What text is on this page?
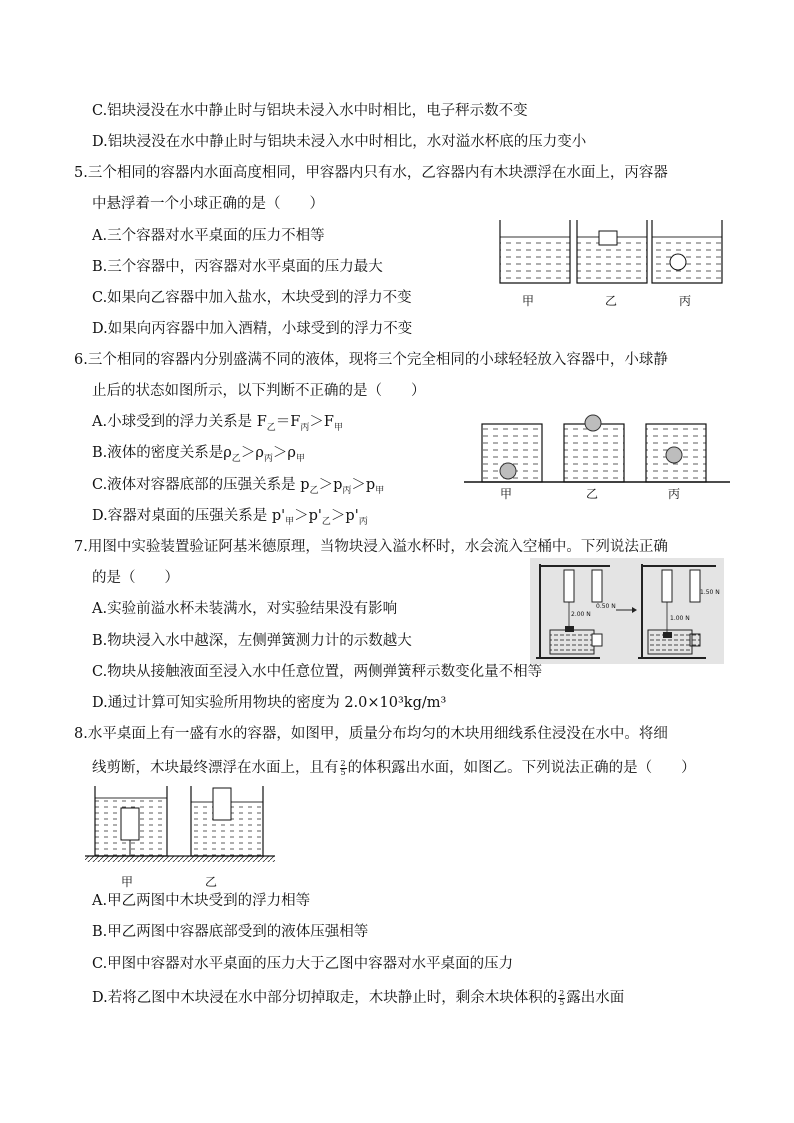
C.铝块浸没在水中静止时与铝块未浸入水中时相比，电子秤示数不变
D.铝块浸没在水中静止时与铝块未浸入水中时相比，水对溢水杯底的压力变小
5.三个相同的容器内水面高度相同，甲容器内只有水，乙容器内有木块漂浮在水面上，丙容器
中悬浮着一个小球正确的是（　　）
A.三个容器对水平桌面的压力不相等
B.三个容器中，丙容器对水平桌面的压力最大
C.如果向乙容器中加入盐水，木块受到的浮力不变
D.如果向丙容器中加入酒精，小球受到的浮力不变
甲	乙	丙
6.三个相同的容器内分别盛满不同的液体，现将三个完全相同的小球轻轻放入容器中，小球静
止后的状态如图所示，以下判断不正确的是（　　）
A.小球受到的浮力关系是 $F_乙=F_丙>F_甲$
B.液体的密度关系是$\rho_乙>\rho_丙>\rho_甲$
C.液体对容器底部的压强关系是 $p_乙>p_丙>p_甲$
D.容器对桌面的压强关系是 $p'_甲>p'_乙>p'_丙$
甲	乙	丙
7.用图中实验装置验证阿基米德原理，当物块浸入溢水杯时，水会流入空桶中。下列说法正确
的是（　　）
A.实验前溢水杯未装满水，对实验结果没有影响
B.物块浸入水中越深，左侧弹簧测力计的示数越大
C.物块从接触液面至浸入水中任意位置，两侧弹簧秤示数变化量不相等
D.通过计算可知实验所用物块的密度为 2.0×10³kg/m³
2.00 N
0.50 N
1.00 N
1.50 N
8.水平桌面上有一盛有水的容器，如图甲，质量分布均匀的木块用细线系住浸没在水中。将细
线剪断，木块最终漂浮在水面上，且有 $\frac{2}{5}$ 的体积露出水面，如图乙。下列说法正确的是（　　）
甲	乙
A.甲乙两图中木块受到的浮力相等
B.甲乙两图中容器底部受到的液体压强相等
C.甲图中容器对水平桌面的压力大于乙图中容器对水平桌面的压力
D.若将乙图中木块浸在水中部分切掉取走，木块静止时，剩余木块体积的 $\frac{2}{5}$ 露出水面
